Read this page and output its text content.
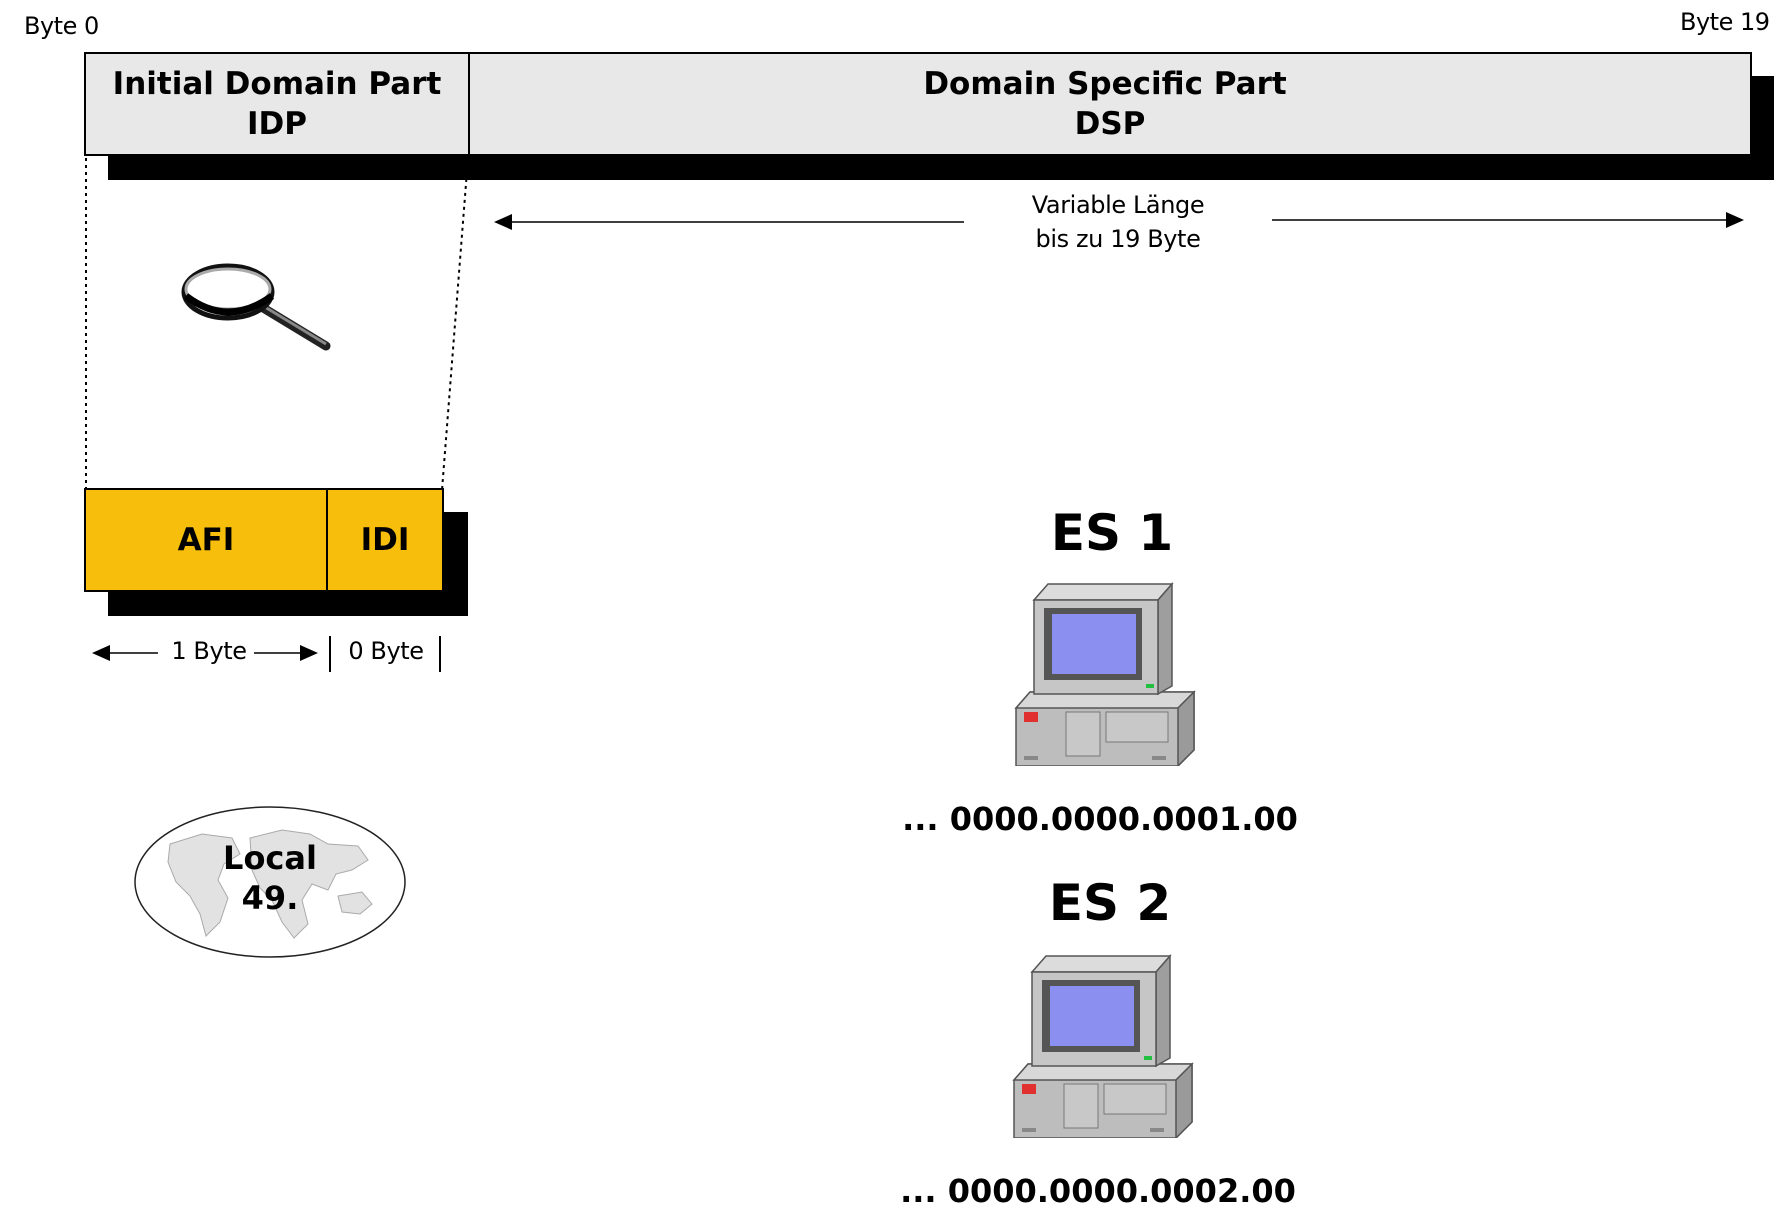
Byte 0	Byte 19
Initial Domain Part
IDP
Domain Specific Part
DSP
Variable Länge
bis zu 19 Byte
AFI	IDI
1 Byte	0 Byte
Local
49.
ES 1
... 0000.0000.0001.00
ES 2
... 0000.0000.0002.00
